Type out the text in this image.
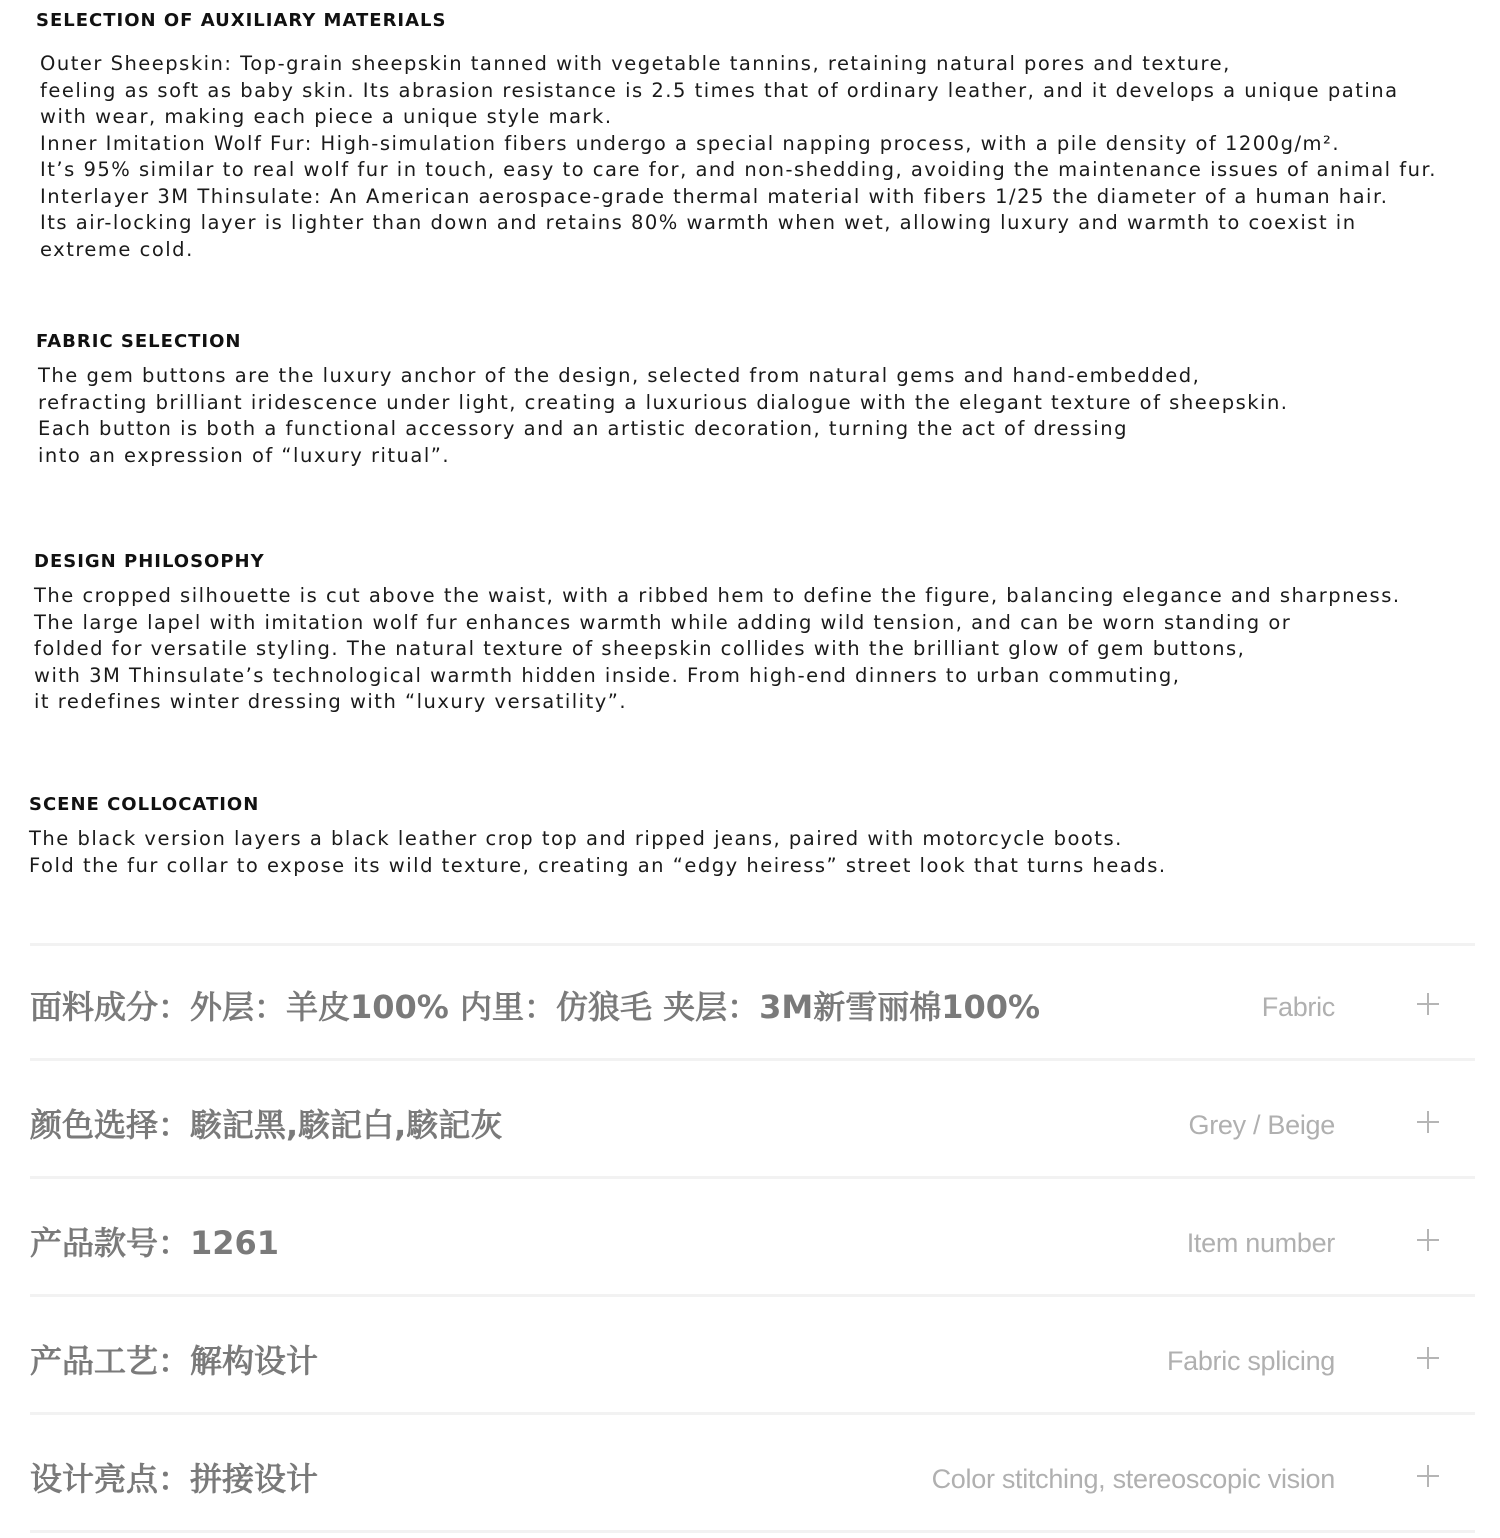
SELECTION OF AUXILIARY MATERIALS
Outer Sheepskin: Top-grain sheepskin tanned with vegetable tannins, retaining natural pores and texture,
feeling as soft as baby skin. Its abrasion resistance is 2.5 times that of ordinary leather, and it develops a unique patina
with wear, making each piece a unique style mark.
Inner Imitation Wolf Fur: High-simulation fibers undergo a special napping process, with a pile density of 1200g/m².
It’s 95% similar to real wolf fur in touch, easy to care for, and non-shedding, avoiding the maintenance issues of animal fur.
Interlayer 3M Thinsulate: An American aerospace-grade thermal material with fibers 1/25 the diameter of a human hair.
Its air-locking layer is lighter than down and retains 80% warmth when wet, allowing luxury and warmth to coexist in
extreme cold.
FABRIC SELECTION
The gem buttons are the luxury anchor of the design, selected from natural gems and hand-embedded,
refracting brilliant iridescence under light, creating a luxurious dialogue with the elegant texture of sheepskin.
Each button is both a functional accessory and an artistic decoration, turning the act of dressing
into an expression of “luxury ritual”.
DESIGN PHILOSOPHY
The cropped silhouette is cut above the waist, with a ribbed hem to define the figure, balancing elegance and sharpness.
The large lapel with imitation wolf fur enhances warmth while adding wild tension, and can be worn standing or
folded for versatile styling. The natural texture of sheepskin collides with the brilliant glow of gem buttons,
with 3M Thinsulate’s technological warmth hidden inside. From high-end dinners to urban commuting,
it redefines winter dressing with “luxury versatility”.
SCENE COLLOCATION
The black version layers a black leather crop top and ripped jeans, paired with motorcycle boots.
Fold the fur collar to expose its wild texture, creating an “edgy heiress” street look that turns heads.
面料成分：外层：羊皮100% 内里：仿狼毛 夹层：3M新雪丽棉100%	Fabric
颜色选择：駭記黑,駭記白,駭記灰	Grey / Beige
产品款号：1261	Item number
产品工艺：解构设计	Fabric splicing
设计亮点：拼接设计	Color stitching, stereoscopic vision
